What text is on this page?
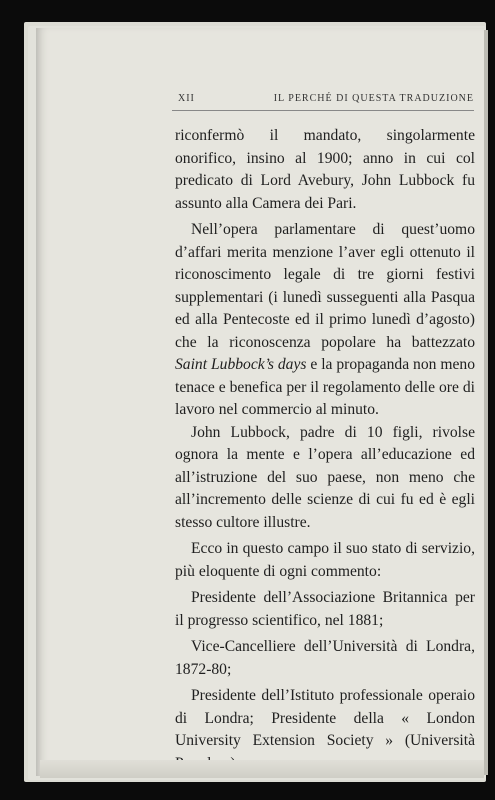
XII	IL PERCHÉ DI QUESTA TRADUZIONE

riconfermò il mandato, singolarmente onorifico, insino al 1900; anno in cui col predicato di Lord Avebury, John Lubbock fu assunto alla Camera dei Pari.

Nell’opera parlamentare di quest’uomo d’affari merita menzione l’aver egli ottenuto il riconoscimento legale di tre giorni festivi supplementari (i lunedì susseguenti alla Pasqua ed alla Pentecoste ed il primo lunedì d’agosto) che la riconoscenza popolare ha battezzato Saint Lubbock’s days e la propaganda non meno tenace e benefica per il regolamento delle ore di lavoro nel commercio al minuto.

John Lubbock, padre di 10 figli, rivolse ognora la mente e l’opera all’educazione ed all’istruzione del suo paese, non meno che all’incremento delle scienze di cui fu ed è egli stesso cultore illustre.

Ecco in questo campo il suo stato di servizio, più eloquente di ogni commento:

Presidente dell’Associazione Britannica per il progresso scientifico, nel 1881;

Vice-Cancelliere dell’Università di Londra, 1872-80;

Presidente dell’Istituto professionale operaio di Londra; Presidente della « London University Extension Society » (Università
